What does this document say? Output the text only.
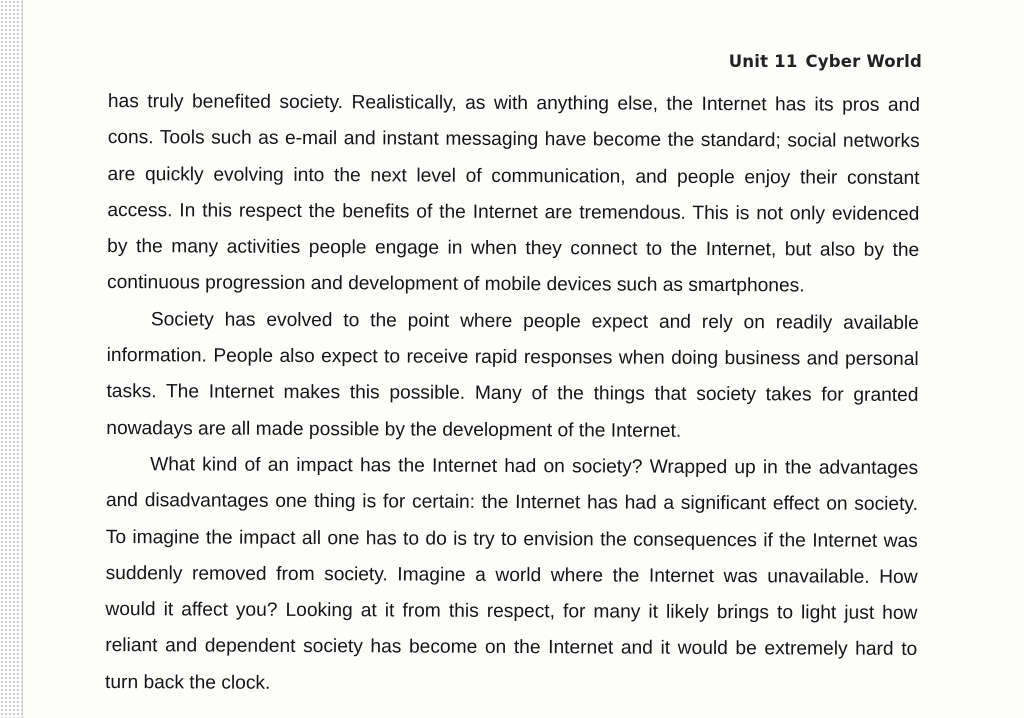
Unit 11 Cyber World

has truly benefited society. Realistically, as with anything else, the Internet has its pros and cons. Tools such as e-mail and instant messaging have become the standard; social networks are quickly evolving into the next level of communication, and people enjoy their constant access. In this respect the benefits of the Internet are tremendous. This is not only evidenced by the many activities people engage in when they connect to the Internet, but also by the continuous progression and development of mobile devices such as smartphones.

Society has evolved to the point where people expect and rely on readily available information. People also expect to receive rapid responses when doing business and personal tasks. The Internet makes this possible. Many of the things that society takes for granted nowadays are all made possible by the development of the Internet.

What kind of an impact has the Internet had on society? Wrapped up in the advantages and disadvantages one thing is for certain: the Internet has had a significant effect on society. To imagine the impact all one has to do is try to envision the consequences if the Internet was suddenly removed from society. Imagine a world where the Internet was unavailable. How would it affect you? Looking at it from this respect, for many it likely brings to light just how reliant and dependent society has become on the Internet and it would be extremely hard to turn back the clock.
